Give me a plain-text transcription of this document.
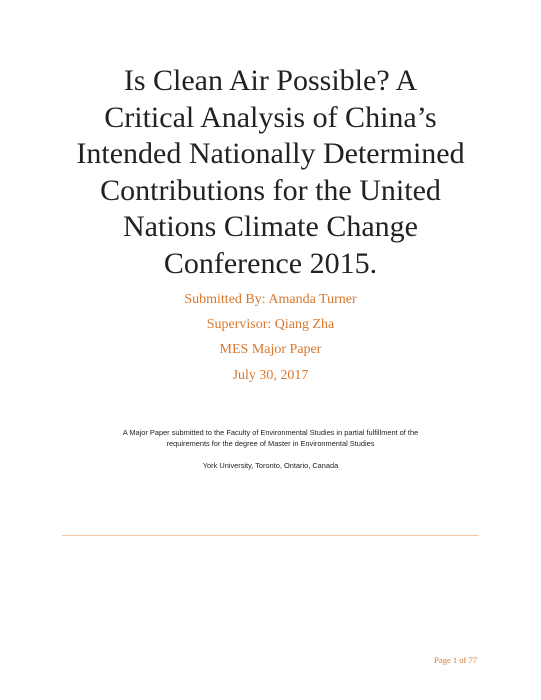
Is Clean Air Possible? A
Critical Analysis of China’s
Intended Nationally Determined
Contributions for the United
Nations Climate Change
Conference 2015.
Submitted By: Amanda Turner
Supervisor: Qiang Zha
MES Major Paper
July 30, 2017
A Major Paper submitted to the Faculty of Environmental Studies in partial fulfillment of the
requirements for the degree of Master in Environmental Studies
York University, Toronto, Ontario, Canada
Page 1 of 77
